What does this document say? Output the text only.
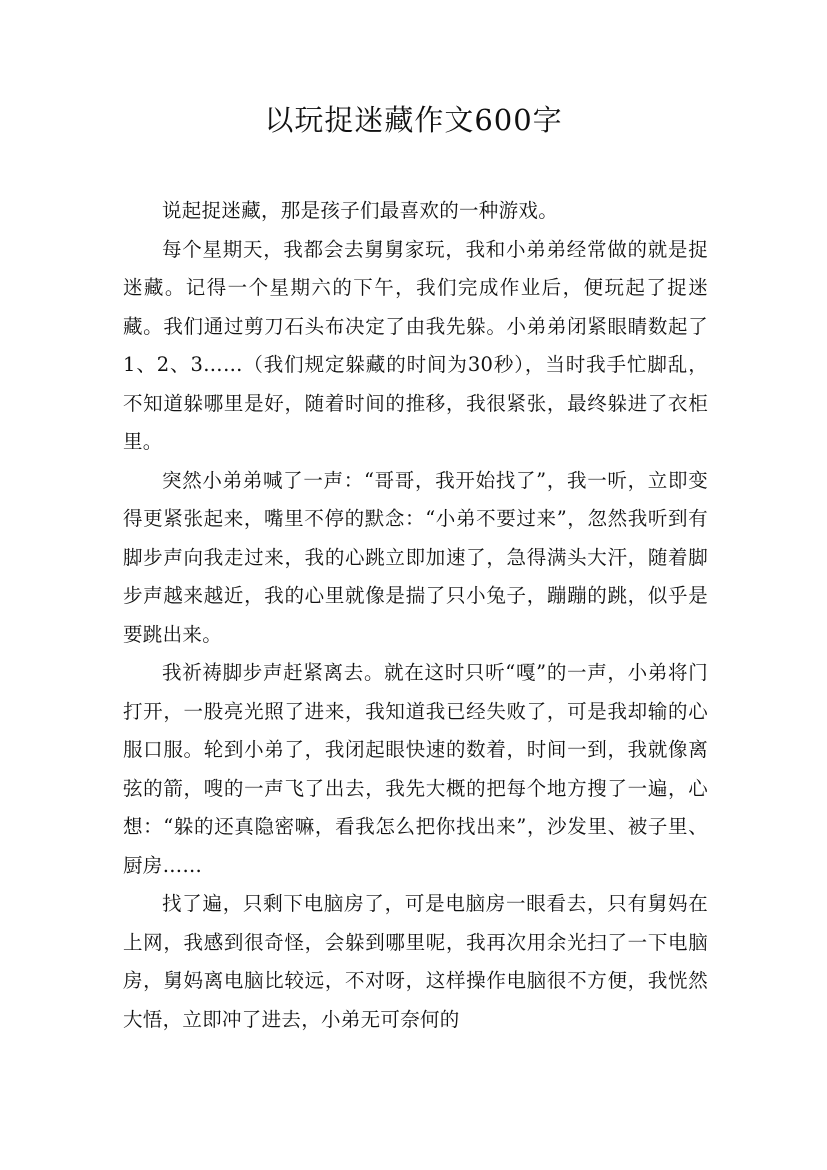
以玩捉迷藏作文600字

说起捉迷藏，那是孩子们最喜欢的一种游戏。

每个星期天，我都会去舅舅家玩，我和小弟弟经常做的就是捉迷藏。记得一个星期六的下午，我们完成作业后，便玩起了捉迷藏。我们通过剪刀石头布决定了由我先躲。小弟弟闭紧眼睛数起了1、2、3……（我们规定躲藏的时间为30秒），当时我手忙脚乱，不知道躲哪里是好，随着时间的推移，我很紧张，最终躲进了衣柜里。

突然小弟弟喊了一声：“哥哥，我开始找了”，我一听，立即变得更紧张起来，嘴里不停的默念：“小弟不要过来”，忽然我听到有脚步声向我走过来，我的心跳立即加速了，急得满头大汗，随着脚步声越来越近，我的心里就像是揣了只小兔子，蹦蹦的跳，似乎是要跳出来。

我祈祷脚步声赶紧离去。就在这时只听“嘎”的一声，小弟将门打开，一股亮光照了进来，我知道我已经失败了，可是我却输的心服口服。轮到小弟了，我闭起眼快速的数着，时间一到，我就像离弦的箭，嗖的一声飞了出去，我先大概的把每个地方搜了一遍，心想：“躲的还真隐密嘛，看我怎么把你找出来”，沙发里、被子里、厨房……

找了遍，只剩下电脑房了，可是电脑房一眼看去，只有舅妈在上网，我感到很奇怪，会躲到哪里呢，我再次用余光扫了一下电脑房，舅妈离电脑比较远，不对呀，这样操作电脑很不方便，我恍然大悟，立即冲了进去，小弟无可奈何的
